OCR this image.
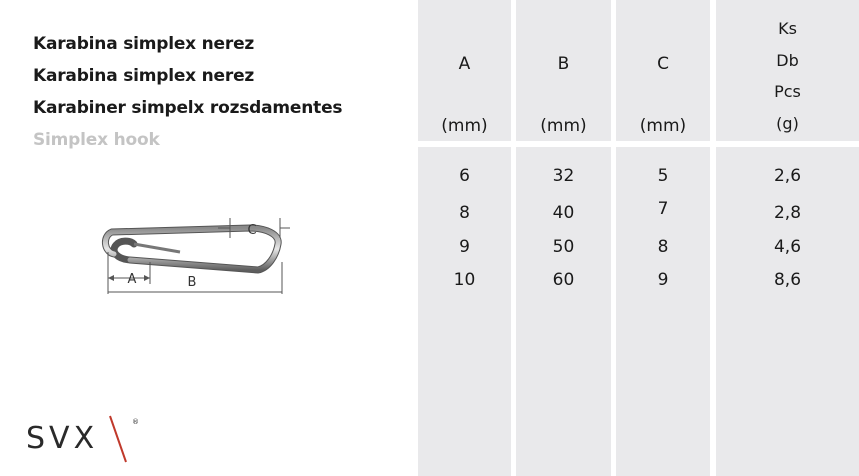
Karabina simplex nerez
Karabina simplex nerez
Karabiner simpelx rozsdamentes
Simplex hook
C
A	B
SVX	®
A
(mm)
B
(mm)
C
(mm)
Ks
Db
Pcs
(g)
6	32	5	2,6
8	40	7	2,8
9	50	8	4,6
10	60	9	8,6
